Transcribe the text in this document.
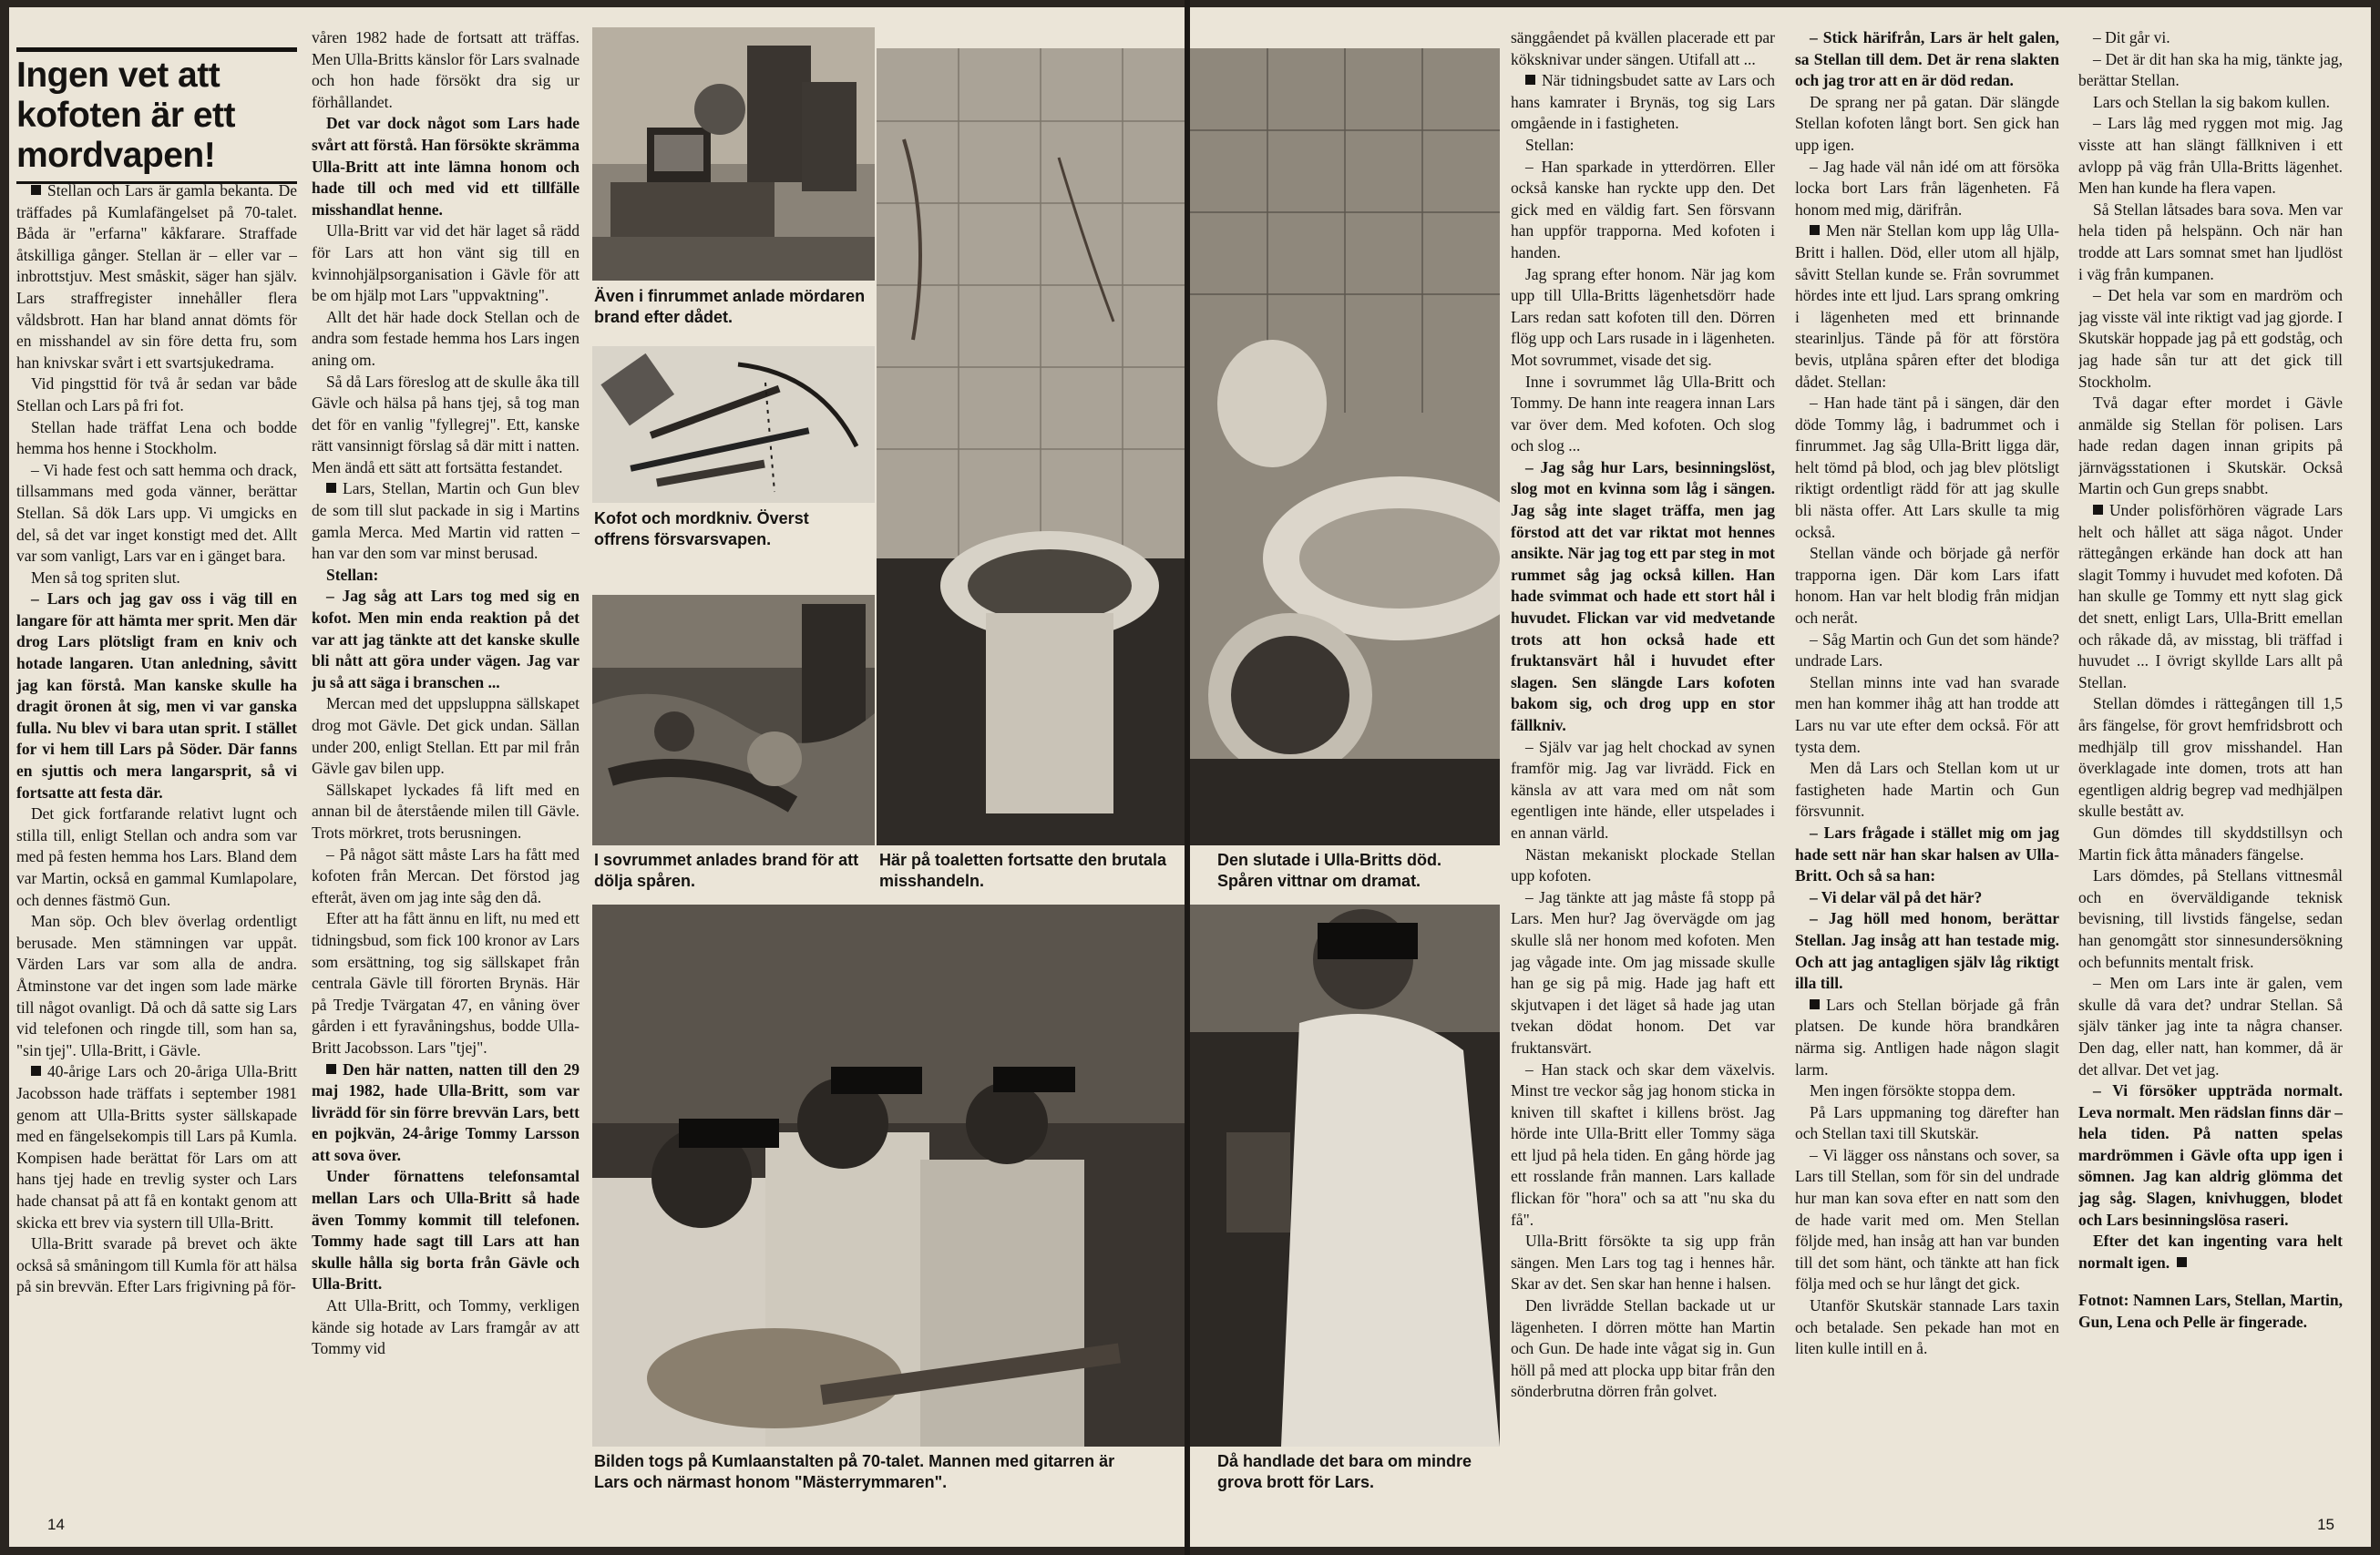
Ingen vet att kofoten är ett mordvapen!

Stellan och Lars är gamla bekanta. De träffades på Kumlafängelset på 70-talet. Båda är "erfarna" kåkfarare. Straffade åtskilliga gånger. Stellan är – eller var – inbrottstjuv. Mest småskit, säger han själv. Lars straffregister innehåller flera våldsbrott. Han har bland annat dömts för en misshandel av sin före detta fru, som han knivskar svårt i ett svartsjukedrama.

Vid pingsttid för två år sedan var både Stellan och Lars på fri fot.

Stellan hade träffat Lena och bodde hemma hos henne i Stockholm.

– Vi hade fest och satt hemma och drack, tillsammans med goda vänner, berättar Stellan. Så dök Lars upp. Vi umgicks en del, så det var inget konstigt med det. Allt var som vanligt, Lars var en i gänget bara.

Men så tog spriten slut.

– Lars och jag gav oss i väg till en langare för att hämta mer sprit. Men där drog Lars plötsligt fram en kniv och hotade langaren. Utan anledning, såvitt jag kan förstå. Man kanske skulle ha dragit öronen åt sig, men vi var ganska fulla. Nu blev vi bara utan sprit. I stället for vi hem till Lars på Söder. Där fanns en sjuttis och mera langarsprit, så vi fortsatte att festa där.

Det gick fortfarande relativt lugnt och stilla till, enligt Stellan och andra som var med på festen hemma hos Lars. Bland dem var Martin, också en gammal Kumlapolare, och dennes fästmö Gun.

Man söp. Och blev överlag ordentligt berusade. Men stämningen var uppåt. Värden Lars var som alla de andra. Åtminstone var det ingen som lade märke till något ovanligt. Då och då satte sig Lars vid telefonen och ringde till, som han sa, "sin tjej". Ulla-Britt, i Gävle.

40-årige Lars och 20-åriga Ulla-Britt Jacobsson hade träffats i september 1981 genom att Ulla-Britts syster sällskapade med en fängelsekompis till Lars på Kumla. Kompisen hade berättat för Lars om att hans tjej hade en trevlig syster och Lars hade chansat på att få en kontakt genom att skicka ett brev via systern till Ulla-Britt.

Ulla-Britt svarade på brevet och äkte också så småningom till Kumla för att hälsa på sin brevvän. Efter Lars frigivning på för-

våren 1982 hade de fortsatt att träffas. Men Ulla-Britts känslor för Lars svalnade och hon hade försökt dra sig ur förhållandet.

Det var dock något som Lars hade svårt att förstå. Han försökte skrämma Ulla-Britt att inte lämna honom och hade till och med vid ett tillfälle misshandlat henne.

Ulla-Britt var vid det här laget så rädd för Lars att hon vänt sig till en kvinnohjälpsorganisation i Gävle för att be om hjälp mot Lars "uppvaktning".

Allt det här hade dock Stellan och de andra som festade hemma hos Lars ingen aning om.

Så då Lars föreslog att de skulle åka till Gävle och hälsa på hans tjej, så tog man det för en vanlig "fyllegrej". Ett, kanske rätt vansinnigt förslag så där mitt i natten. Men ändå ett sätt att fortsätta festandet.

Lars, Stellan, Martin och Gun blev de som till slut packade in sig i Martins gamla Merca. Med Martin vid ratten – han var den som var minst berusad.

Stellan:

– Jag såg att Lars tog med sig en kofot. Men min enda reaktion på det var att jag tänkte att det kanske skulle bli nått att göra under vägen. Jag var ju så att säga i branschen ...

Mercan med det uppsluppna sällskapet drog mot Gävle. Det gick undan. Sällan under 200, enligt Stellan. Ett par mil från Gävle gav bilen upp.

Sällskapet lyckades få lift med en annan bil de återstående milen till Gävle. Trots mörkret, trots berusningen.

– På något sätt måste Lars ha fått med kofoten från Mercan. Det förstod jag efteråt, även om jag inte såg den då.

Efter att ha fått ännu en lift, nu med ett tidningsbud, som fick 100 kronor av Lars som ersättning, tog sig sällskapet från centrala Gävle till förorten Brynäs. Här på Tredje Tvärgatan 47, en våning över gården i ett fyravåningshus, bodde Ulla-Britt Jacobsson. Lars "tjej".

Den här natten, natten till den 29 maj 1982, hade Ulla-Britt, som var livrädd för sin förre brevvän Lars, bett en pojkvän, 24-årige Tommy Larsson att sova över.

Under förnattens telefonsamtal mellan Lars och Ulla-Britt så hade även Tommy kommit till telefonen. Tommy hade sagt till Lars att han skulle hålla sig borta från Gävle och Ulla-Britt.

Att Ulla-Britt, och Tommy, verkligen kände sig hotade av Lars framgår av att Tommy vid

Även i finrummet anlade mördaren brand efter dådet.
Kofot och mordkniv. Överst offrens försvarsvapen.
I sovrummet anlades brand för att dölja spåren.
Här på toaletten fortsatte den brutala misshandeln.
Bilden togs på Kumlaanstalten på 70-talet. Mannen med gitarren är Lars och närmast honom "Mästerrymmaren".
14
Den slutade i Ulla-Britts död. Spåren vittnar om dramat.
Då handlade det bara om mindre grova brott för Lars.

sänggåendet på kvällen placerade ett par köksknivar under sängen. Utifall att ...

När tidningsbudet satte av Lars och hans kamrater i Brynäs, tog sig Lars omgående in i fastigheten.

Stellan:

– Han sparkade in ytterdörren. Eller också kanske han ryckte upp den. Det gick med en väldig fart. Sen försvann han uppför trapporna. Med kofoten i handen.

Jag sprang efter honom. När jag kom upp till Ulla-Britts lägenhetsdörr hade Lars redan satt kofoten till den. Dörren flög upp och Lars rusade in i lägenheten. Mot sovrummet, visade det sig.

Inne i sovrummet låg Ulla-Britt och Tommy. De hann inte reagera innan Lars var över dem. Med kofoten. Och slog och slog ...

– Jag såg hur Lars, besinningslöst, slog mot en kvinna som låg i sängen. Jag såg inte slaget träffa, men jag förstod att det var riktat mot hennes ansikte. När jag tog ett par steg in mot rummet såg jag också killen. Han hade svimmat och hade ett stort hål i huvudet. Flickan var vid medvetande trots att hon också hade ett fruktansvärt hål i huvudet efter slagen. Sen slängde Lars kofoten bakom sig, och drog upp en stor fällkniv.

– Själv var jag helt chockad av synen framför mig. Jag var livrädd. Fick en känsla av att vara med om nåt som egentligen inte hände, eller utspelades i en annan värld.

Nästan mekaniskt plockade Stellan upp kofoten.

– Jag tänkte att jag måste få stopp på Lars. Men hur? Jag övervägde om jag skulle slå ner honom med kofoten. Men jag vågade inte. Om jag missade skulle han ge sig på mig. Hade jag haft ett skjutvapen i det läget så hade jag utan tvekan dödat honom. Det var fruktansvärt.

– Han stack och skar dem växelvis. Minst tre veckor såg jag honom sticka in kniven till skaftet i killens bröst. Jag hörde inte Ulla-Britt eller Tommy säga ett ljud på hela tiden. En gång hörde jag ett rosslande från mannen. Lars kallade flickan för "hora" och sa att "nu ska du få".

Ulla-Britt försökte ta sig upp från sängen. Men Lars tog tag i hennes hår. Skar av det. Sen skar han henne i halsen.

Den livrädde Stellan backade ut ur lägenheten. I dörren mötte han Martin och Gun. De hade inte vågat sig in. Gun höll på med att plocka upp bitar från den sönderbrutna dörren från golvet.

– Stick härifrån, Lars är helt galen, sa Stellan till dem. Det är rena slakten och jag tror att en är död redan.

De sprang ner på gatan. Där slängde Stellan kofoten långt bort. Sen gick han upp igen.

– Jag hade väl nån idé om att försöka locka bort Lars från lägenheten. Få honom med mig, därifrån.

Men när Stellan kom upp låg Ulla-Britt i hallen. Död, eller utom all hjälp, såvitt Stellan kunde se. Från sovrummet hördes inte ett ljud. Lars sprang omkring i lägenheten med ett brinnande stearinljus. Tände på för att förstöra bevis, utplåna spåren efter det blodiga dådet. Stellan:

– Han hade tänt på i sängen, där den döde Tommy låg, i badrummet och i finrummet. Jag såg Ulla-Britt ligga där, helt tömd på blod, och jag blev plötsligt riktigt ordentligt rädd för att jag skulle bli nästa offer. Att Lars skulle ta mig också.

Stellan vände och började gå nerför trapporna igen. Där kom Lars ifatt honom. Han var helt blodig från midjan och neråt.

– Såg Martin och Gun det som hände? undrade Lars.

Stellan minns inte vad han svarade men han kommer ihåg att han trodde att Lars nu var ute efter dem också. För att tysta dem.

Men då Lars och Stellan kom ut ur fastigheten hade Martin och Gun försvunnit.

– Lars frågade i stället mig om jag hade sett när han skar halsen av Ulla-Britt. Och så sa han:

– Vi delar väl på det här?

– Jag höll med honom, berättar Stellan. Jag insåg att han testade mig. Och att jag antagligen själv låg riktigt illa till.

Lars och Stellan började gå från platsen. De kunde höra brandkåren närma sig. Antligen hade någon slagit larm.

Men ingen försökte stoppa dem.

På Lars uppmaning tog därefter han och Stellan taxi till Skutskär.

– Vi lägger oss nånstans och sover, sa Lars till Stellan, som för sin del undrade hur man kan sova efter en natt som den de hade varit med om. Men Stellan följde med, han insåg att han var bunden till det som hänt, och tänkte att han fick följa med och se hur långt det gick.

Utanför Skutskär stannade Lars taxin och betalade. Sen pekade han mot en liten kulle intill en å.

– Dit går vi.

– Det är dit han ska ha mig, tänkte jag, berättar Stellan.

Lars och Stellan la sig bakom kullen.

– Lars låg med ryggen mot mig. Jag visste att han slängt fällkniven i ett avlopp på väg från Ulla-Britts lägenhet. Men han kunde ha flera vapen.

Så Stellan låtsades bara sova. Men var hela tiden på helspänn. Och när han trodde att Lars somnat smet han ljudlöst i väg från kumpanen.

– Det hela var som en mardröm och jag visste väl inte riktigt vad jag gjorde. I Skutskär hoppade jag på ett godståg, och jag hade sån tur att det gick till Stockholm.

Två dagar efter mordet i Gävle anmälde sig Stellan för polisen. Lars hade redan dagen innan gripits på järnvägsstationen i Skutskär. Också Martin och Gun greps snabbt.

Under polisförhören vägrade Lars helt och hållet att säga något. Under rättegången erkände han dock att han slagit Tommy i huvudet med kofoten. Då han skulle ge Tommy ett nytt slag gick det snett, enligt Lars, Ulla-Britt emellan och råkade då, av misstag, bli träffad i huvudet ... I övrigt skyllde Lars allt på Stellan.

Stellan dömdes i rättegången till 1,5 års fängelse, för grovt hemfridsbrott och medhjälp till grov misshandel. Han överklagade inte domen, trots att han egentligen aldrig begrep vad medhjälpen skulle bestått av.

Gun dömdes till skyddstillsyn och Martin fick åtta månaders fängelse.

Lars dömdes, på Stellans vittnesmål och en överväldigande teknisk bevisning, till livstids fängelse, sedan han genomgått stor sinnesundersökning och befunnits mentalt frisk.

– Men om Lars inte är galen, vem skulle då vara det? undrar Stellan. Så själv tänker jag inte ta några chanser. Den dag, eller natt, han kommer, då är det allvar. Det vet jag.

– Vi försöker uppträda normalt. Leva normalt. Men rädslan finns där – hela tiden. På natten spelas mardrömmen i Gävle ofta upp igen i sömnen. Jag kan aldrig glömma det jag såg. Slagen, knivhuggen, blodet och Lars besinningslösa raseri.

Efter det kan ingenting vara helt normalt igen.

Fotnot: Namnen Lars, Stellan, Martin, Gun, Lena och Pelle är fingerade.

15
